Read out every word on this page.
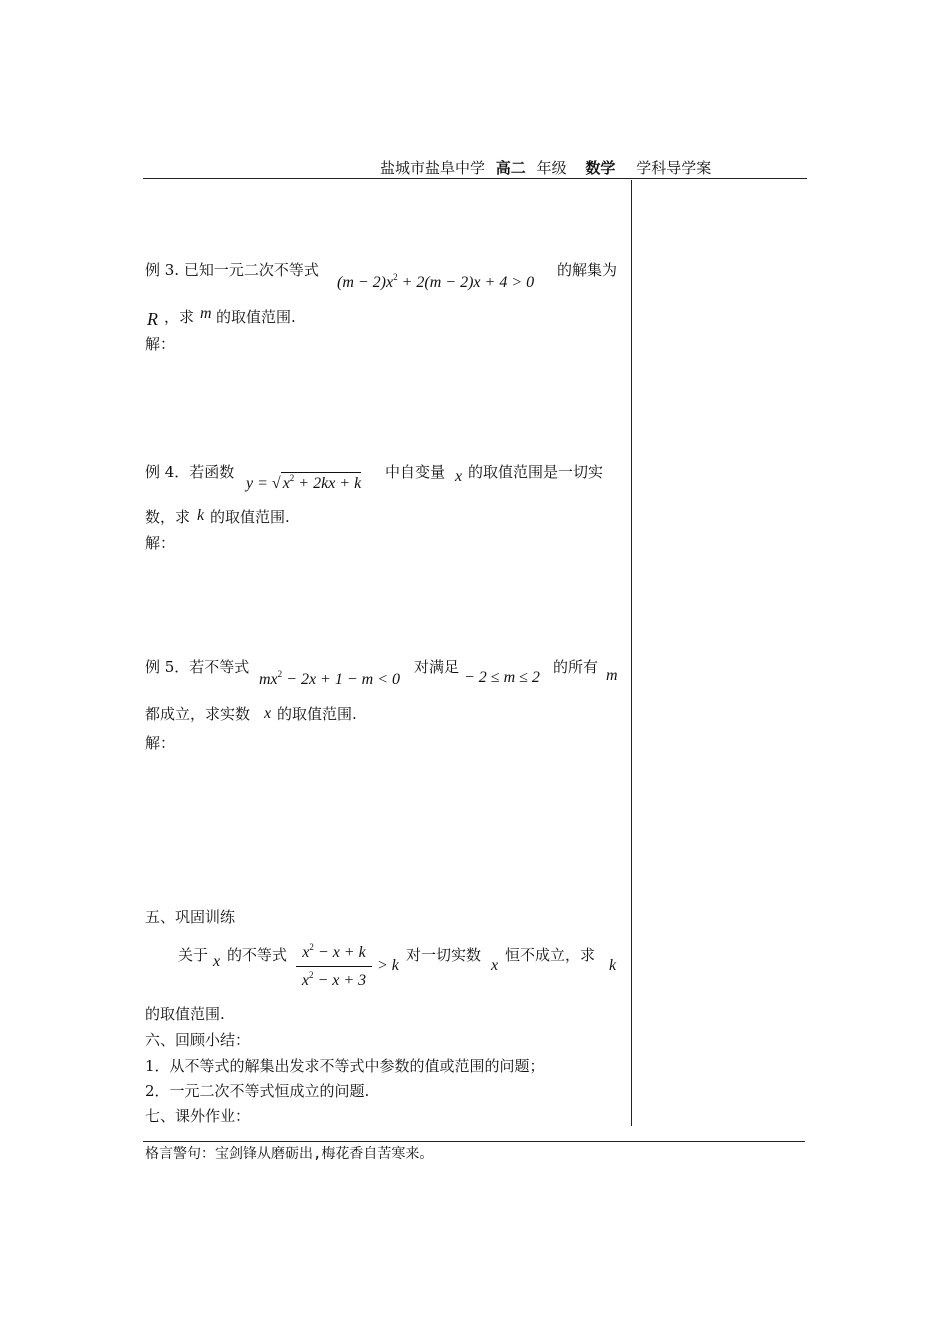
盐城市盐阜中学 高二 年级 数学 学科导学案
例 3. 已知一元二次不等式
$(m - 2)x^2 + 2(m - 2)x + 4 > 0$
的解集为
R ，求 m 的取值范围.
解：
例 4．若函数
y = √ $x^2 + 2kx + k$
中自变量 x 的取值范围是一切实
数，求 k 的取值范围.
解：
例 5．若不等式
$mx^2 - 2x + 1 - m < 0$
对满足
− 2 ≤ m ≤ 2
的所有 m
都成立，求实数 x 的取值范围.
解：
五、巩固训练
关于 x 的不等式 $x^2 - x + k$
$x^2 - x + 3$
> k
对一切实数
x
恒不成立，求
k
的取值范围.
六、回顾小结：
1．从不等式的解集出发求不等式中参数的值或范围的问题；
2．一元二次不等式恒成立的问题.
七、课外作业：
格言警句：宝剑锋从磨砺出,梅花香自苦寒来。
